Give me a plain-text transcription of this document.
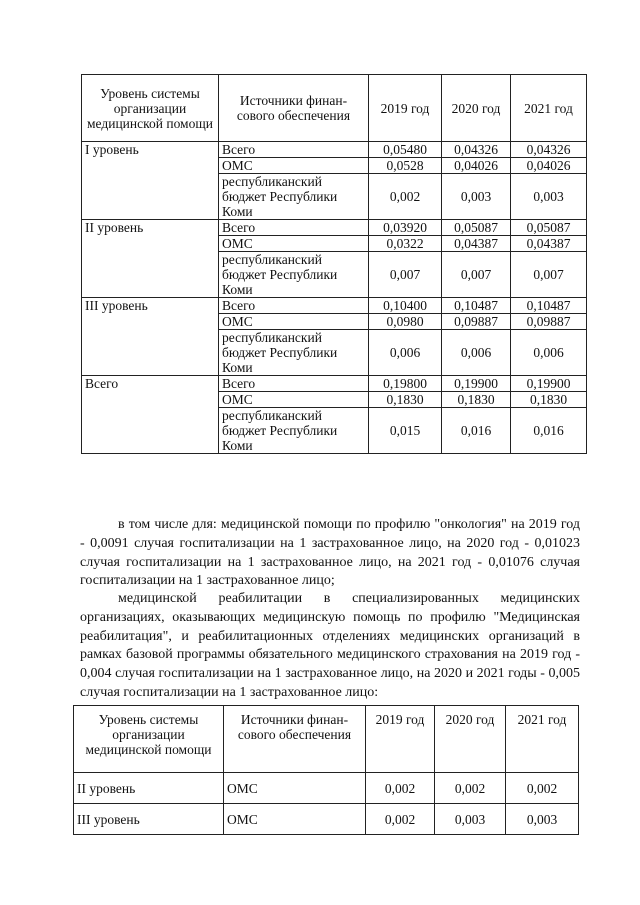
Уровень системы организации медицинской помощи	Источники финан-сового обеспечения	2019 год	2020 год	2021 год
I уровень	Всего	0,05480	0,04326	0,04326
	ОМС	0,0528	0,04026	0,04026
	республиканский бюджет Республики Коми	0,002	0,003	0,003
II уровень	Всего	0,03920	0,05087	0,05087
	ОМС	0,0322	0,04387	0,04387
	республиканский бюджет Республики Коми	0,007	0,007	0,007
III уровень	Всего	0,10400	0,10487	0,10487
	ОМС	0,0980	0,09887	0,09887
	республиканский бюджет Республики Коми	0,006	0,006	0,006
Всего	Всего	0,19800	0,19900	0,19900
	ОМС	0,1830	0,1830	0,1830
	республиканский бюджет Республики Коми	0,015	0,016	0,016

в том числе для: медицинской помощи по профилю "онкология" на 2019 год - 0,0091 случая госпитализации на 1 застрахованное лицо, на 2020 год - 0,01023 случая госпитализации на 1 застрахованное лицо, на 2021 год - 0,01076 случая госпитализации на 1 застрахованное лицо;

медицинской реабилитации в специализированных медицинских организациях, оказывающих медицинскую помощь по профилю "Медицинская реабилитация", и реабилитационных отделениях медицинских организаций в рамках базовой программы обязательного медицинского страхования на 2019 год - 0,004 случая госпитализации на 1 застрахованное лицо, на 2020 и 2021 годы - 0,005 случая госпитализации на 1 застрахованное лицо:

Уровень системы организации медицинской помощи	Источники финан-сового обеспечения	2019 год	2020 год	2021 год
II уровень	ОМС	0,002	0,002	0,002
III уровень	ОМС	0,002	0,003	0,003
